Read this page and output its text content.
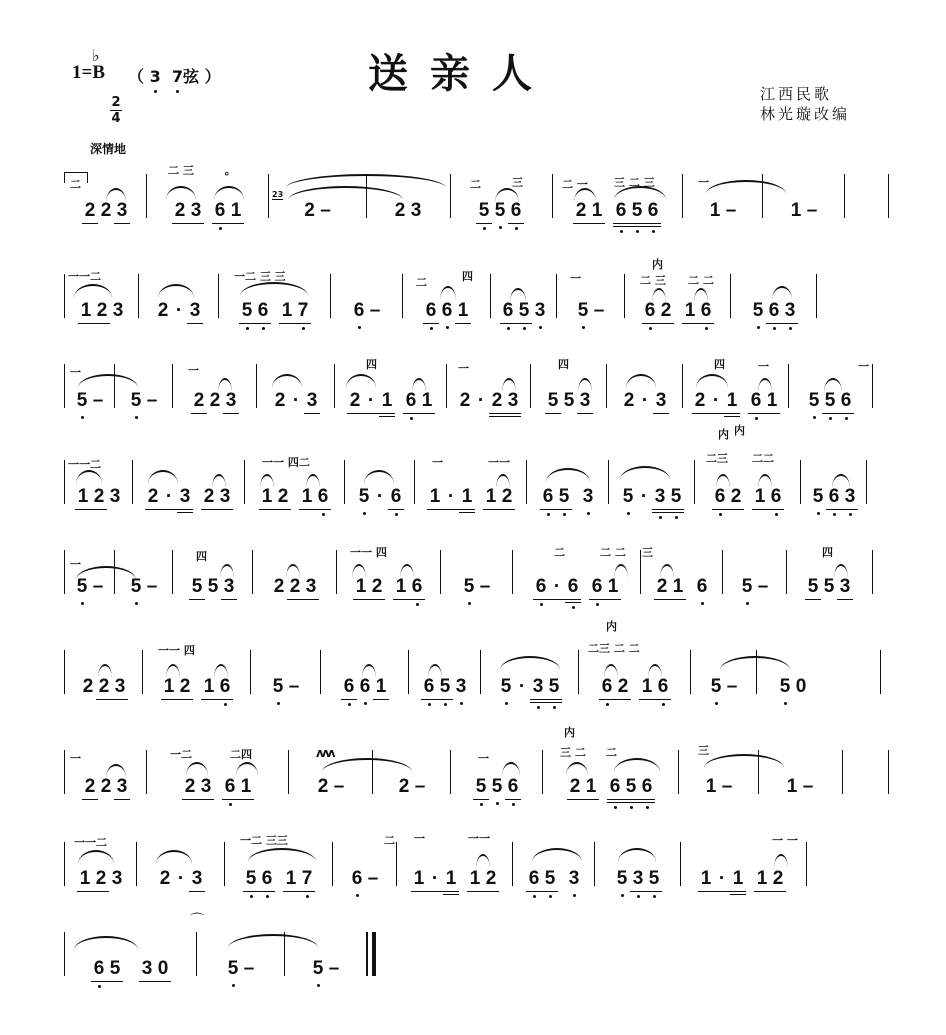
1=B
♭
（ 3 7弦 ）
2
4
深情地
送亲人	江西民歌
林光璇改编
2 2 3
二
2 3 6 1
二 三	°
2 –
23
2 3	5 5 6
二	三
2 1 6 5 6
二 一 三 二 三
1 –
一
1 –
1 2 3
一一二
2 · 3 5 6 1 7
一二 三 三
6 – 6 6 1
二	四
6 5 3 5 –
一
6 2 1 6
二 三 二 二
内
5 6 3
5 –
一
5 – 2 2 3
一
2 · 3 2 · 1 6 1
四
2 · 2 3
一
5 5 3
四
2 · 3 2 · 1 6 1
四	一
内
5 5 6
一
1 2 3
一一二
2 · 3 2 3 1 2 1 6
一一 四二
5 · 6 1 · 1 1 2
一	一一
6 5 3 5 · 3 5 6 2 1 6
二三 二二
内
5 6 3
5 –
一
5 – 5 5 3
四
2 2 3 1 2 1 6
一一 四
5 – 6 · 6 6 1
二	二 二 三
2 1 6 5 – 5 5 3
四
2 2 3 1 2 1 6
一一 四
5 – 6 6 1 6 5 3 5 · 3 5 6 2 1 6
二三 二 二
内
5 – 5 0
2 2 3
一
2 3 6 1
一二	二四
2 –
ʌʌʌ
2 –	5 5 6
一
2 1 6 5 6
三 二 二
内
1 –
三
1 –
1 2 3
一一二
2 · 3 5 6 1 7
一二 三三
6 –
二
1 · 1 1 2
一	一一
6 5 3 5 3 5 1 · 1 1 2
一 一
6 5 3 0	5 –	5 –
⌒
